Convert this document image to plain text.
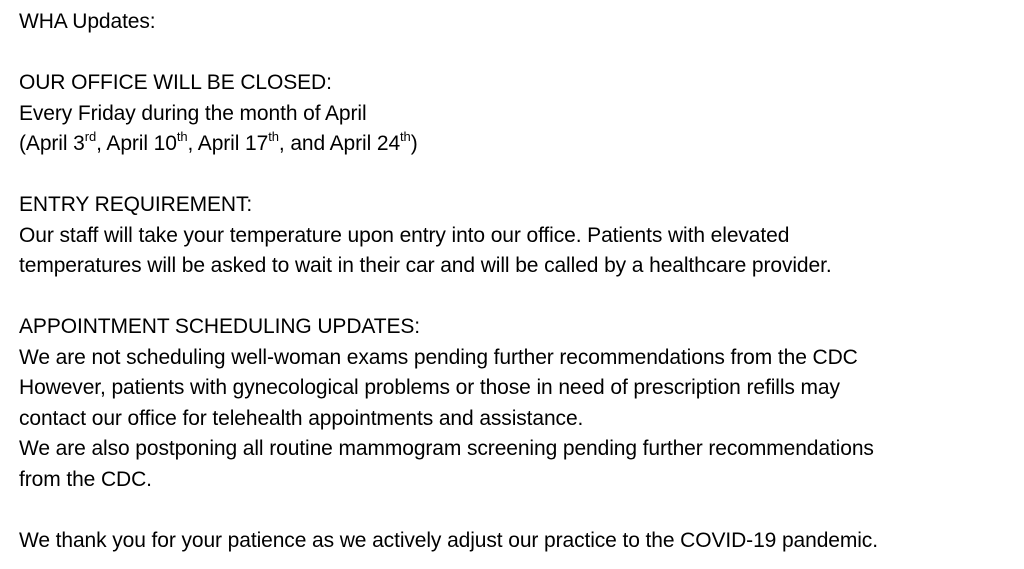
WHA Updates:
OUR OFFICE WILL BE CLOSED:
Every Friday during the month of April
(April 3rd, April 10th, April 17th, and April 24th)
ENTRY REQUIREMENT:
Our staff will take your temperature upon entry into our office. Patients with elevated
temperatures will be asked to wait in their car and will be called by a healthcare provider.
APPOINTMENT SCHEDULING UPDATES:
We are not scheduling well-woman exams pending further recommendations from the CDC
However, patients with gynecological problems or those in need of prescription refills may
contact our office for telehealth appointments and assistance.
We are also postponing all routine mammogram screening pending further recommendations
from the CDC.
We thank you for your patience as we actively adjust our practice to the COVID-19 pandemic.
